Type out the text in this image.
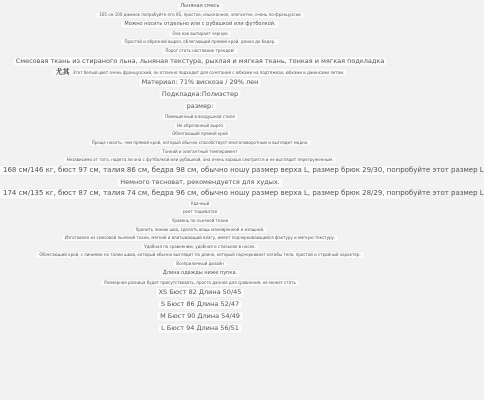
Льняная смесь
165 см 100 джинок попробуйте его XS, простое, изысканное, элегантно, очень по-французски
Можно носить отдельно или с рубашкой или футболкой.
Она как вытирает черную
Простой и обрезной вырез, облегающий прямой крой, длина до бедер.
Порог стать наставник трендов!
Смесовая ткань из стираного льна, льняная текстура, рыхлая и мягкая ткань, тонкая и мягкая подкладка
尤其 Этот белый цвет очень французский, он отлично подходит для сочетания с юбками на подтяжках, юбками и джинсами летом.
Материал: 71% вискоза / 29% лен
Подкладка:Полиэстер
размер:
Помещенный в воздушной стиле
Не обрезанный вырез
Облегающий прямой крой
Проще носить, чем прямой крой, который обычно способствует многоповоротным и выглядит модно.
Тонкий и элегантный темперамент
Независимо от того, надета ли она с футболкой или рубашкой, она очень хорошо смотрится и не выглядит перегруженным.
168 см/146 кг, бюст 97 см, талия 86 см, бедра 98 см, обычно ношу размер верха L, размер брюк 29/30, попробуйте этот размер L
Немного тесноват, рекомендуется для худых.
174 см/135 кг, бюст 87 см, талия 74 см, бедра 96 см, обычно ношу размер верха L, размер брюк 28/29, попробуйте этот размер L
Удачный
реет тощеватая
Уровень по льняной ткани
Хранить линию шва, сделать вещь маневренной и изящной.
Изготовлен из смесовой льняной ткани, мягкий и впитывающий влагу, имеет подчеркивающийся фактуру и мягкую текстуру.
Удобная по сравнению, удобная и стильная в носке.
Облегающий крой, с линиями на талии швов, который обычно выглядит по длине, который подчеркивает изгибы тела, простой и стройный характер.
Всеприличный дизайн
Длина одежды ниже пупка.
Размерная разница будет присутствовать, просто данное для сравнения, не может стать
XS Бюст 82 Длина 50/45
S Бюст 86 Длина 52/47
M Бюст 90 Длина 54/49
L Бюст 94 Длина 56/51
